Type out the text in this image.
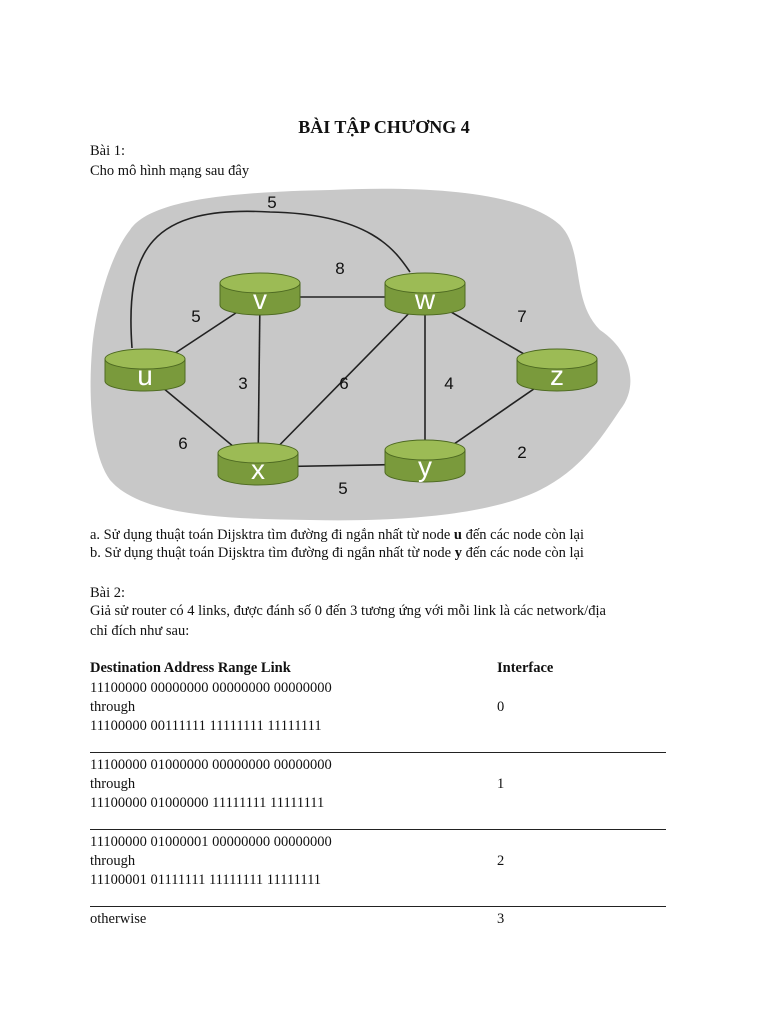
BÀI TẬP CHƯƠNG 4
Bài 1:
Cho mô hình mạng sau đây
5
8
5	7
3	6	4
6	2
5
u
v	w
x	y
z
a. Sử dụng thuật toán Dijsktra tìm đường đi ngắn nhất từ node u đến các node còn lại
b. Sử dụng thuật toán Dijsktra tìm đường đi ngắn nhất từ node y đến các node còn lại
Bài 2:
Giả sử router có 4 links, được đánh số 0 đến 3 tương ứng với mỗi link là các network/địa
chỉ đích như sau:
Destination Address Range Link	Interface
11100000 00000000 00000000 00000000
through
11100000 00111111 11111111 11111111
0
11100000 01000000 00000000 00000000
through
11100000 01000000 11111111 11111111
1
11100000 01000001 00000000 00000000
through
11100001 01111111 11111111 11111111
2
otherwise	3
